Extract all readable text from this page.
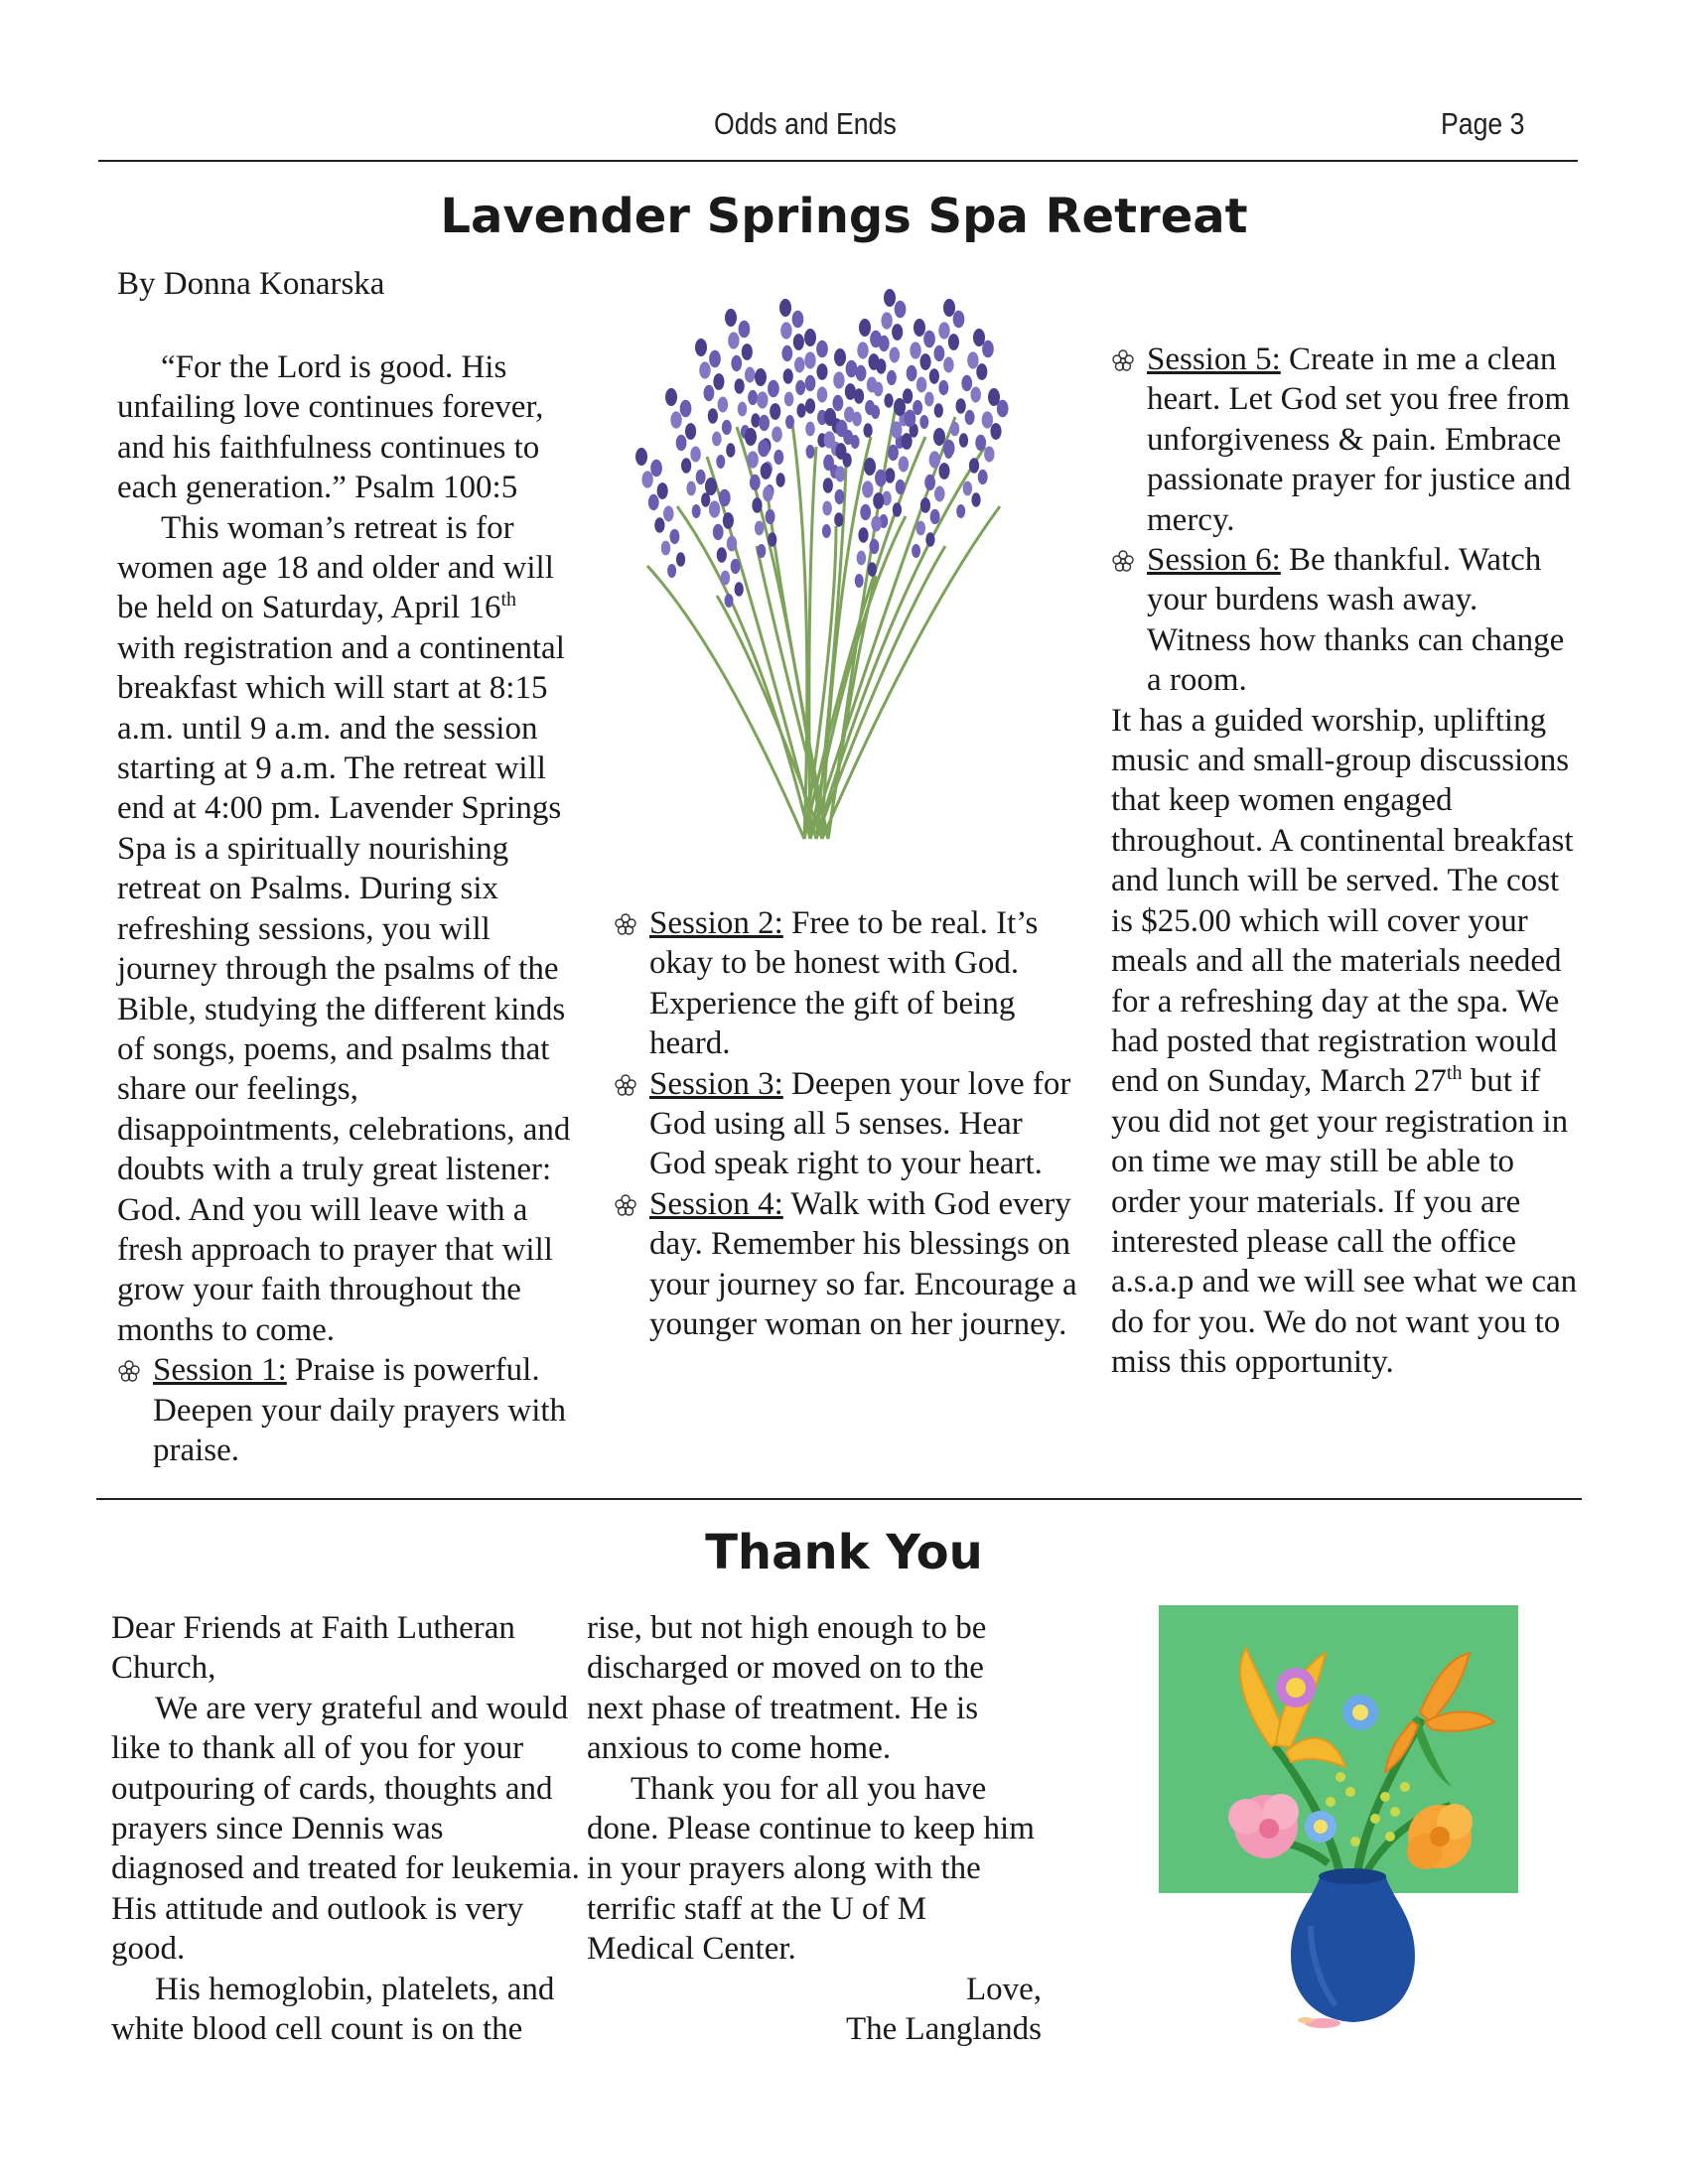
Odds and Ends	Page 3
Lavender Springs Spa Retreat
By Donna Konarska

“For the Lord is good. His unfailing love continues forever, and his faithfulness continues to each generation.” Psalm 100:5

This woman’s retreat is for women age 18 and older and will be held on Saturday, April 16th with registration and a continental breakfast which will start at 8:15 a.m. until 9 a.m. and the session starting at 9 a.m. The retreat will end at 4:00 pm. Lavender Springs Spa is a spiritually nourishing retreat on Psalms. During six refreshing sessions, you will journey through the psalms of the Bible, studying the different kinds of songs, poems, and psalms that share our feelings, disappointments, celebrations, and doubts with a truly great listener: God. And you will leave with a fresh approach to prayer that will grow your faith throughout the months to come.

Session 1: Praise is powerful. Deepen your daily prayers with praise.

Session 2: Free to be real. It’s okay to be honest with God. Experience the gift of being heard.

Session 3: Deepen your love for God using all 5 senses. Hear God speak right to your heart.

Session 4: Walk with God every day. Remember his blessings on your journey so far. Encourage a younger woman on her journey.

Session 5: Create in me a clean heart. Let God set you free from unforgiveness & pain. Embrace passionate prayer for justice and mercy.

Session 6: Be thankful. Watch your burdens wash away. Witness how thanks can change a room.

It has a guided worship, uplifting music and small-group discussions that keep women engaged throughout. A continental breakfast and lunch will be served. The cost is $25.00 which will cover your meals and all the materials needed for a refreshing day at the spa. We had posted that registration would end on Sunday, March 27th but if you did not get your registration in on time we may still be able to order your materials. If you are interested please call the office a.s.a.p and we will see what we can do for you. We do not want you to miss this opportunity.

Thank You

Dear Friends at Faith Lutheran Church,

We are very grateful and would like to thank all of you for your outpouring of cards, thoughts and prayers since Dennis was diagnosed and treated for leukemia. His attitude and outlook is very good.

His hemoglobin, platelets, and white blood cell count is on the

rise, but not high enough to be discharged or moved on to the next phase of treatment. He is anxious to come home.

Thank you for all you have done. Please continue to keep him in your prayers along with the terrific staff at the U of M Medical Center.

Love,

The Langlands
